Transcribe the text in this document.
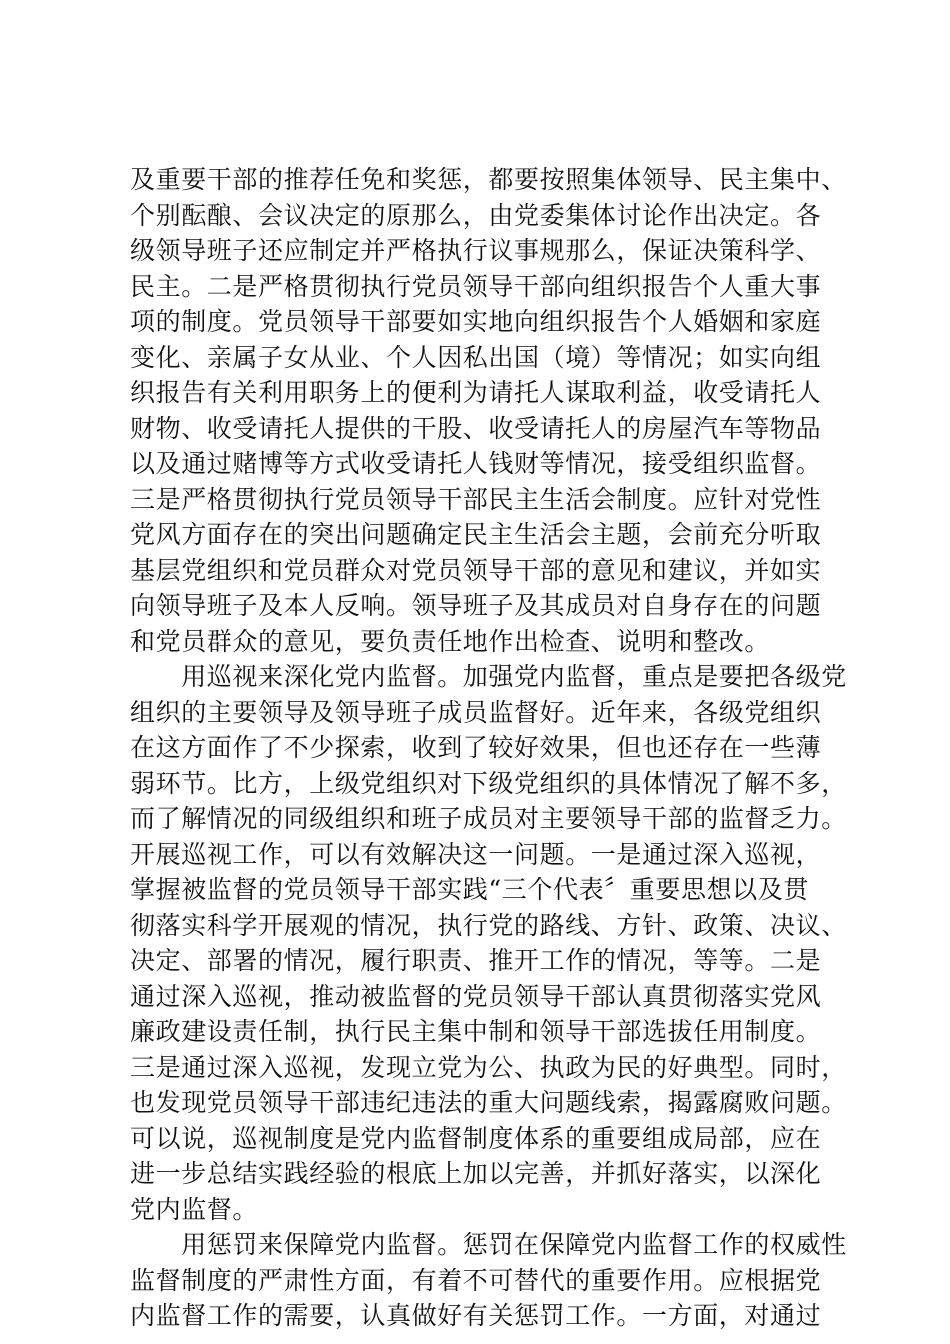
及重要干部的推荐任免和奖惩，都要按照集体领导、民主集中、
个别酝酿、会议决定的原那么，由党委集体讨论作出决定。各
级领导班子还应制定并严格执行议事规那么，保证决策科学、
民主。二是严格贯彻执行党员领导干部向组织报告个人重大事
项的制度。党员领导干部要如实地向组织报告个人婚姻和家庭
变化、亲属子女从业、个人因私出国（境）等情况；如实向组
织报告有关利用职务上的便利为请托人谋取利益，收受请托人
财物、收受请托人提供的干股、收受请托人的房屋汽车等物品
以及通过赌博等方式收受请托人钱财等情况，接受组织监督。
三是严格贯彻执行党员领导干部民主生活会制度。应针对党性
党风方面存在的突出问题确定民主生活会主题，会前充分听取
基层党组织和党员群众对党员领导干部的意见和建议，并如实
向领导班子及本人反响。领导班子及其成员对自身存在的问题
和党员群众的意见，要负责任地作出检查、说明和整改。
　　用巡视来深化党内监督。加强党内监督，重点是要把各级党
组织的主要领导及领导班子成员监督好。近年来，各级党组织
在这方面作了不少探索，收到了较好效果，但也还存在一些薄
弱环节。比方，上级党组织对下级党组织的具体情况了解不多，
而了解情况的同级组织和班子成员对主要领导干部的监督乏力。
开展巡视工作，可以有效解决这一问题。一是通过深入巡视，
掌握被监督的党员领导干部实践“三个代表〞重要思想以及贯
彻落实科学开展观的情况，执行党的路线、方针、政策、决议、
决定、部署的情况，履行职责、推开工作的情况，等等。二是
通过深入巡视，推动被监督的党员领导干部认真贯彻落实党风
廉政建设责任制，执行民主集中制和领导干部选拔任用制度。
三是通过深入巡视，发现立党为公、执政为民的好典型。同时，
也发现党员领导干部违纪违法的重大问题线索，揭露腐败问题。
可以说，巡视制度是党内监督制度体系的重要组成局部，应在
进一步总结实践经验的根底上加以完善，并抓好落实，以深化
党内监督。
　　用惩罚来保障党内监督。惩罚在保障党内监督工作的权威性
监督制度的严肃性方面，有着不可替代的重要作用。应根据党
内监督工作的需要，认真做好有关惩罚工作。一方面，对通过
